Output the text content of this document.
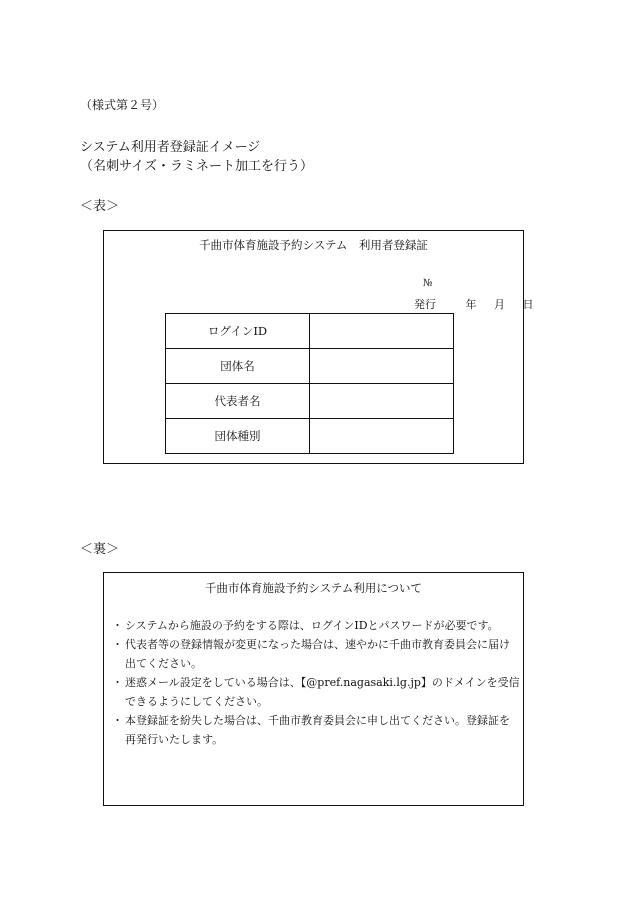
（様式第２号）
システム利用者登録証イメージ
（名刺サイズ・ラミネート加工を行う）
＜表＞
千曲市体育施設予約システム　利用者登録証
№
発行	年 月 日
ログインID	
団体名	
代表者名	
団体種別	
＜裏＞
千曲市体育施設予約システム利用について
・ システムから施設の予約をする際は、ログインIDとパスワードが必要です。
・ 代表者等の登録情報が変更になった場合は、速やかに千曲市教育委員会に届け出てください。
・ 迷惑メール設定をしている場合は、【@pref.nagasaki.lg.jp】のドメインを受信できるようにしてください。
・ 本登録証を紛失した場合は、千曲市教育委員会に申し出てください。登録証を再発行いたします。
